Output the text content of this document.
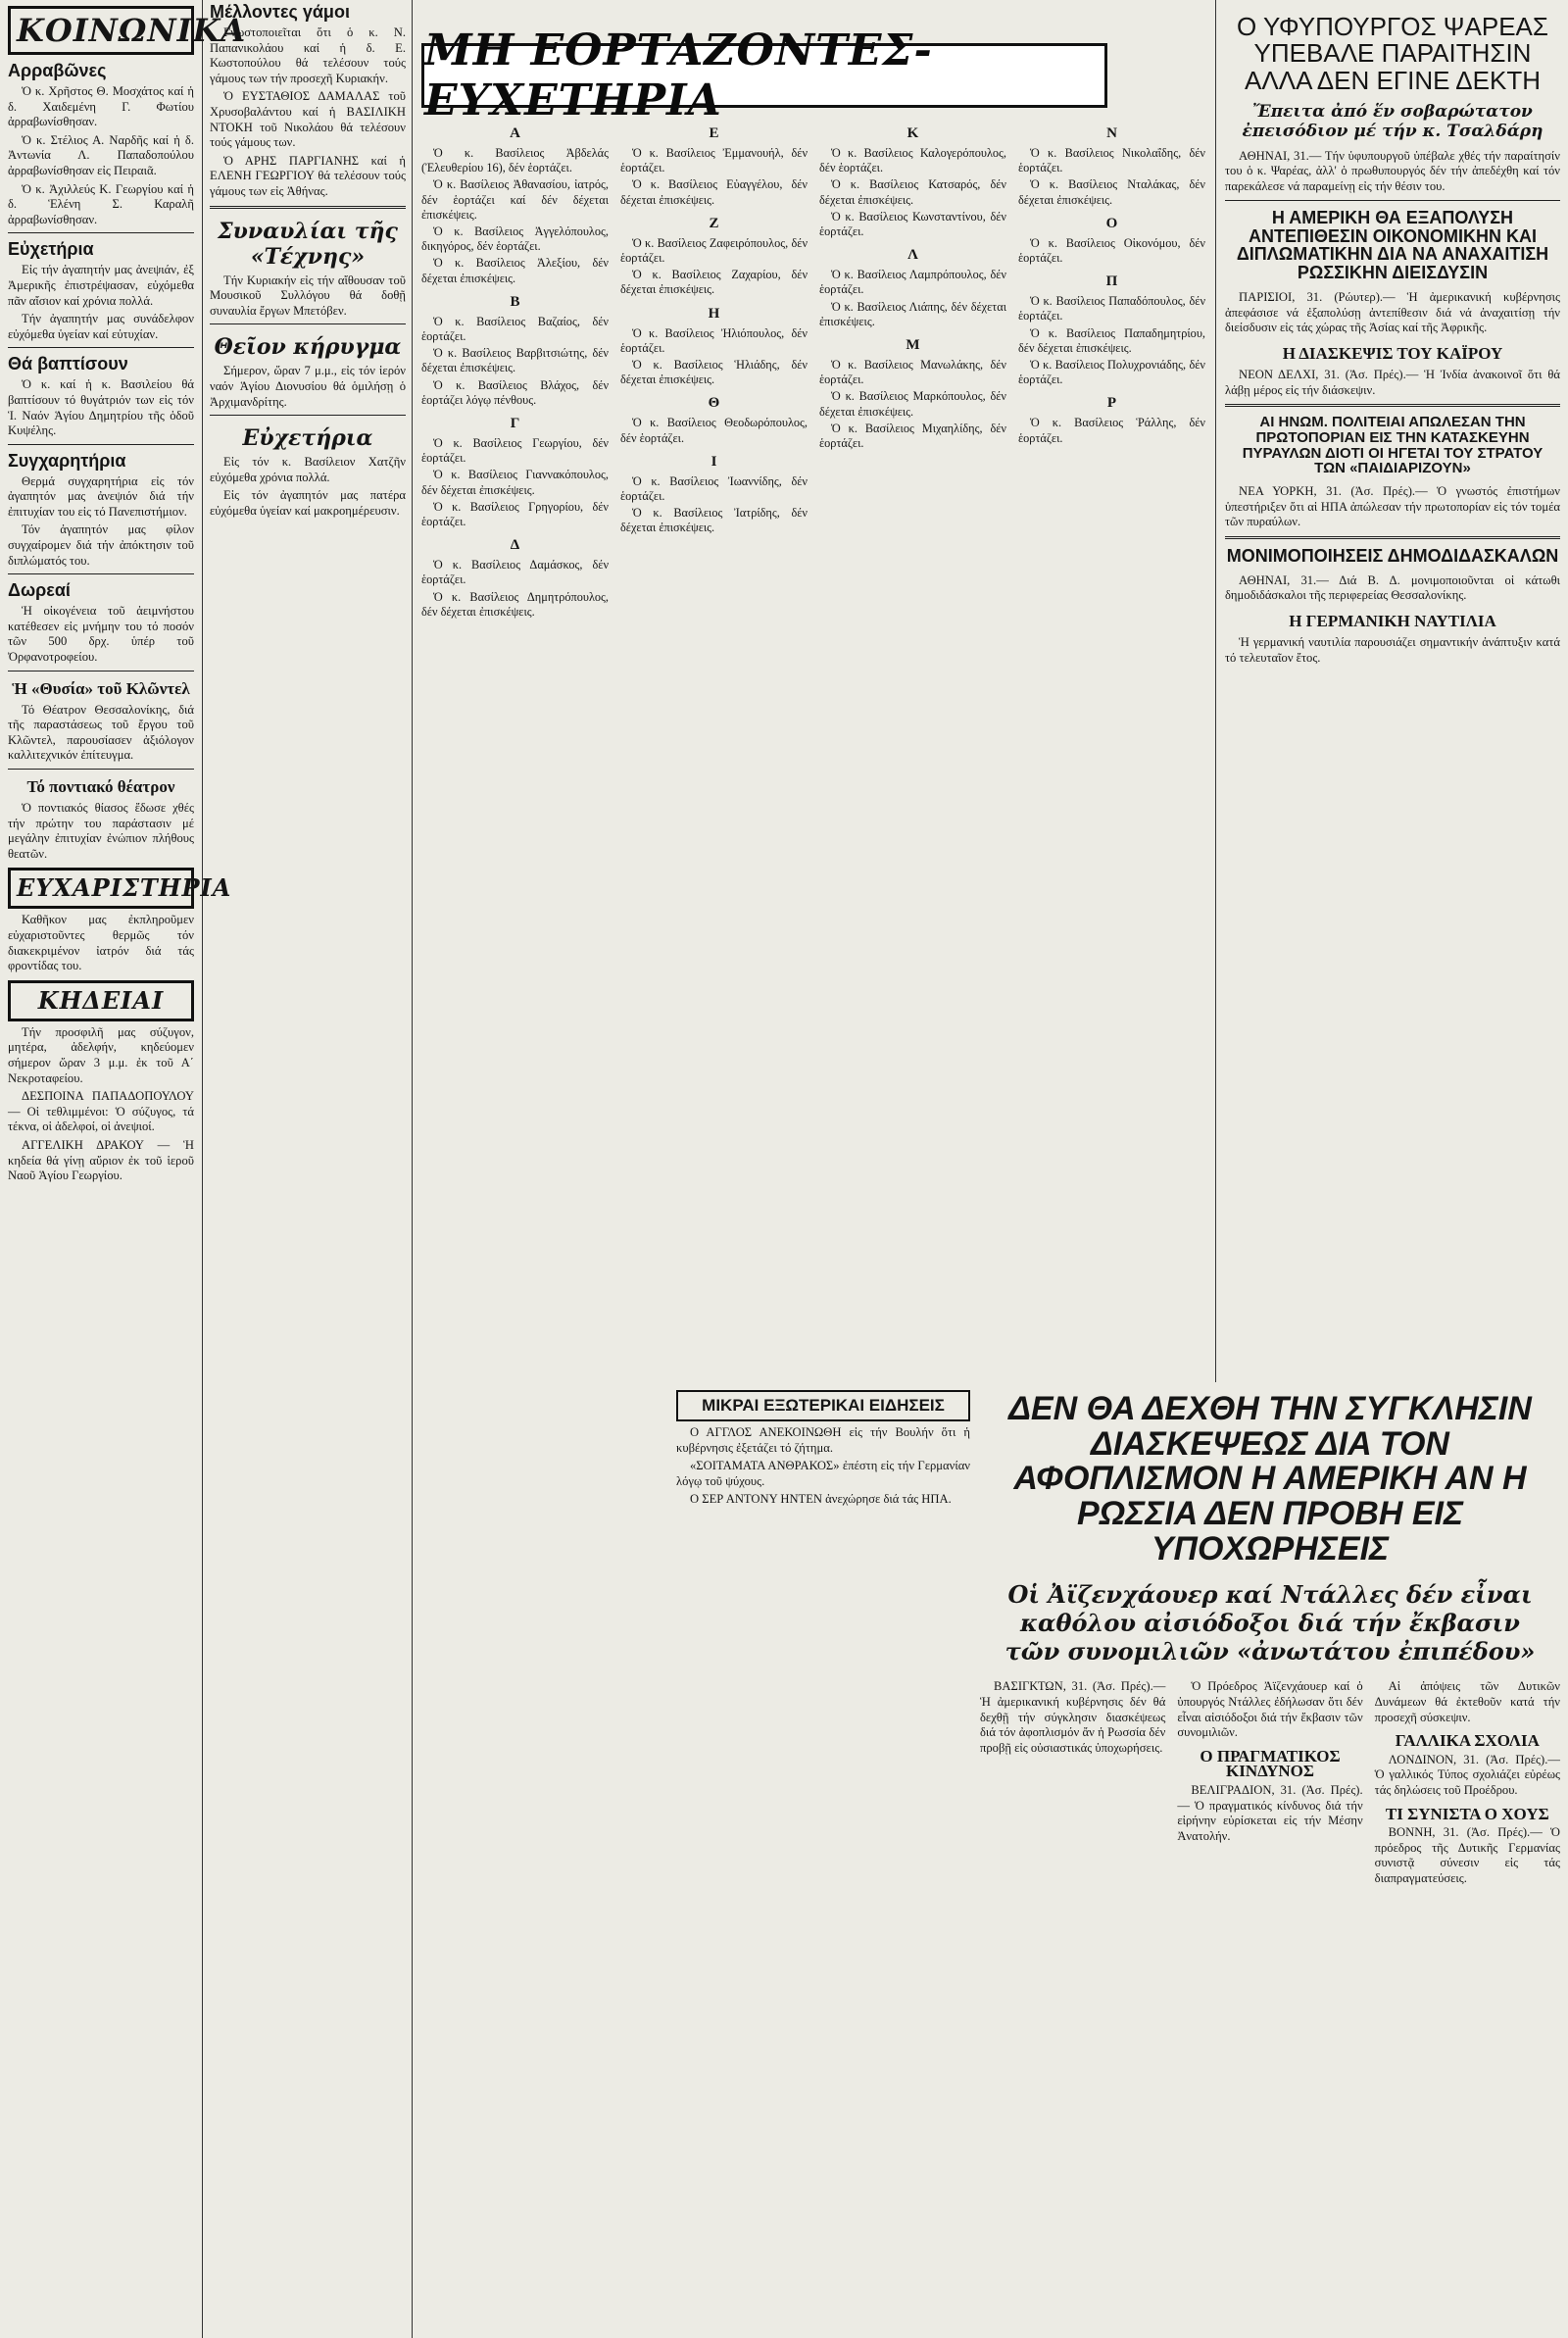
ΚΟΙΝΩΝΙΚΑ
Αρραβῶνες

Ὁ κ. Χρῆστος Θ. Μοσχάτος καί ἡ δ. Χαιδεμένη Γ. Φωτίου ἀρραβωνίσθησαν.

Ὁ κ. Στέλιος Α. Ναρδῆς καί ἡ δ. Ἀντωνία Λ. Παπαδοπούλου ἀρραβωνίσθησαν εἰς Πειραιᾶ.

Ὁ κ. Ἀχιλλεύς Κ. Γεωργίου καί ἡ δ. Ἑλένη Σ. Καραλῆ ἀρραβωνίσθησαν.

Εὐχετήρια

Εἰς τήν ἀγαπητήν μας ἀνεψιάν, ἐξ Ἀμερικῆς ἐπιστρέψασαν, εὐχόμεθα πᾶν αἴσιον καί χρόνια πολλά.

Τήν ἀγαπητήν μας συνάδελφον εὐχόμεθα ὑγείαν καί εὐτυχίαν.

Θά βαπτίσουν

Ὁ κ. καί ἡ κ. Βασιλείου θά βαπτίσουν τό θυγάτριόν των εἰς τόν Ἱ. Ναόν Ἁγίου Δημητρίου τῆς ὁδοῦ Κυψέλης.

Συγχαρητήρια

Θερμά συγχαρητήρια εἰς τόν ἀγαπητόν μας ἀνεψιόν διά τήν ἐπιτυχίαν του εἰς τό Πανεπιστήμιον.

Τόν ἀγαπητόν μας φίλον συγχαίρομεν διά τήν ἀπόκτησιν τοῦ διπλώματός του.

Δωρεαί

Ἡ οἰκογένεια τοῦ ἀειμνήστου κατέθεσεν εἰς μνήμην του τό ποσόν τῶν 500 δρχ. ὑπέρ τοῦ Ὀρφανοτροφείου.

Ἡ «Θυσία» τοῦ Κλῶντελ

Τό Θέατρον Θεσσαλονίκης, διά τῆς παραστάσεως τοῦ ἔργου τοῦ Κλῶντελ, παρουσίασεν ἀξιόλογον καλλιτεχνικόν ἐπίτευγμα.

Τό ποντιακό θέατρον

Ὁ ποντιακός θίασος ἔδωσε χθές τήν πρώτην του παράστασιν μέ μεγάλην ἐπιτυχίαν ἐνώπιον πλήθους θεατῶν.

ΕΥΧΑΡΙΣΤΗΡΙΑ

Καθῆκον μας ἐκπληροῦμεν εὐχαριστοῦντες θερμῶς τόν διακεκριμένον ἰατρόν διά τάς φροντίδας του.

ΚΗΔΕΙΑΙ

Τήν προσφιλῆ μας σύζυγον, μητέρα, ἀδελφήν, κηδεύομεν σήμερον ὥραν 3 μ.μ. ἐκ τοῦ Α΄ Νεκροταφείου.

ΔΕΣΠΟΙΝΑ ΠΑΠΑΔΟΠΟΥΛΟΥ — Οἱ τεθλιμμένοι: Ὁ σύζυγος, τά τέκνα, οἱ ἀδελφοί, οἱ ἀνεψιοί.

ΑΓΓΕΛΙΚΗ ΔΡΑΚΟΥ — Ἡ κηδεία θά γίνῃ αὔριον ἐκ τοῦ ἱεροῦ Ναοῦ Ἁγίου Γεωργίου.

Μέλλοντες γάμοι

Γνωστοποιεῖται ὅτι ὁ κ. Ν. Παπανικολάου καί ἡ δ. Ε. Κωστοπούλου θά τελέσουν τούς γάμους των τήν προσεχῆ Κυριακήν.

Ὁ ΕΥΣΤΑΘΙΟΣ ΔΑΜΑΛΑΣ τοῦ Χρυσοβαλάντου καί ἡ ΒΑΣΙΛΙΚΗ ΝΤΟΚΗ τοῦ Νικολάου θά τελέσουν τούς γάμους των.

Ὁ ΑΡΗΣ ΠΑΡΓΙΑΝΗΣ καί ἡ ΕΛΕΝΗ ΓΕΩΡΓΙΟΥ θά τελέσουν τούς γάμους των εἰς Ἀθήνας.

Συναυλίαι τῆς «Τέχνης»

Τήν Κυριακήν εἰς τήν αἴθουσαν τοῦ Μουσικοῦ Συλλόγου θά δοθῇ συναυλία ἔργων Μπετόβεν.

Θεῖον κήρυγμα

Σήμερον, ὥραν 7 μ.μ., εἰς τόν ἱερόν ναόν Ἁγίου Διονυσίου θά ὁμιλήσῃ ὁ Ἀρχιμανδρίτης.

Εὐχετήρια

Εἰς τόν κ. Βασίλειον Χατζῆν εὐχόμεθα χρόνια πολλά.

Εἰς τόν ἀγαπητόν μας πατέρα εὐχόμεθα ὑγείαν καί μακροημέρευσιν.

ΜΗ ΕΟΡΤΑΖΟΝΤΕΣ-ΕΥΧΕΤΗΡΙΑ
Α

Ὁ κ. Βασίλειος Ἀβδελάς (Ἐλευθερίου 16), δέν ἑορτάζει.

Ὁ κ. Βασίλειος Ἀθανασίου, ἰατρός, δέν ἑορτάζει καί δέν δέχεται ἐπισκέψεις.

Ὁ κ. Βασίλειος Ἀγγελόπουλος, δικηγόρος, δέν ἑορτάζει.

Ὁ κ. Βασίλειος Ἀλεξίου, δέν δέχεται ἐπισκέψεις.

Β

Ὁ κ. Βασίλειος Βαζαίος, δέν ἑορτάζει.

Ὁ κ. Βασίλειος Βαρβιτσιώτης, δέν δέχεται ἐπισκέψεις.

Ὁ κ. Βασίλειος Βλάχος, δέν ἑορτάζει λόγῳ πένθους.

Γ

Ὁ κ. Βασίλειος Γεωργίου, δέν ἑορτάζει.

Ὁ κ. Βασίλειος Γιαννακόπουλος, δέν δέχεται ἐπισκέψεις.

Ὁ κ. Βασίλειος Γρηγορίου, δέν ἑορτάζει.

Δ

Ὁ κ. Βασίλειος Δαμάσκος, δέν ἑορτάζει.

Ὁ κ. Βασίλειος Δημητρόπουλος, δέν δέχεται ἐπισκέψεις.

Ε

Ὁ κ. Βασίλειος Ἐμμανουήλ, δέν ἑορτάζει.

Ὁ κ. Βασίλειος Εὐαγγέλου, δέν δέχεται ἐπισκέψεις.

Ζ

Ὁ κ. Βασίλειος Ζαφειρόπουλος, δέν ἑορτάζει.

Ὁ κ. Βασίλειος Ζαχαρίου, δέν δέχεται ἐπισκέψεις.

Η

Ὁ κ. Βασίλειος Ἠλιόπουλος, δέν ἑορτάζει.

Ὁ κ. Βασίλειος Ἡλιάδης, δέν δέχεται ἐπισκέψεις.

Θ

Ὁ κ. Βασίλειος Θεοδωρόπουλος, δέν ἑορτάζει.

Ι

Ὁ κ. Βασίλειος Ἰωαννίδης, δέν ἑορτάζει.

Ὁ κ. Βασίλειος Ἰατρίδης, δέν δέχεται ἐπισκέψεις.

Κ

Ὁ κ. Βασίλειος Καλογερόπουλος, δέν ἑορτάζει.

Ὁ κ. Βασίλειος Κατσαρός, δέν δέχεται ἐπισκέψεις.

Ὁ κ. Βασίλειος Κωνσταντίνου, δέν ἑορτάζει.

Λ

Ὁ κ. Βασίλειος Λαμπρόπουλος, δέν ἑορτάζει.

Ὁ κ. Βασίλειος Λιάπης, δέν δέχεται ἐπισκέψεις.

Μ

Ὁ κ. Βασίλειος Μανωλάκης, δέν ἑορτάζει.

Ὁ κ. Βασίλειος Μαρκόπουλος, δέν δέχεται ἐπισκέψεις.

Ὁ κ. Βασίλειος Μιχαηλίδης, δέν ἑορτάζει.

Ν

Ὁ κ. Βασίλειος Νικολαΐδης, δέν ἑορτάζει.

Ὁ κ. Βασίλειος Νταλάκας, δέν δέχεται ἐπισκέψεις.

Ο

Ὁ κ. Βασίλειος Οἰκονόμου, δέν ἑορτάζει.

Π

Ὁ κ. Βασίλειος Παπαδόπουλος, δέν ἑορτάζει.

Ὁ κ. Βασίλειος Παπαδημητρίου, δέν δέχεται ἐπισκέψεις.

Ὁ κ. Βασίλειος Πολυχρονιάδης, δέν ἑορτάζει.

Ρ

Ὁ κ. Βασίλειος Ῥάλλης, δέν ἑορτάζει.

ΜΙΚΡΑΙ ΕΞΩΤΕΡΙΚΑΙ ΕΙΔΗΣΕΙΣ

Ο ΑΓΓΛΟΣ ΑΝΕΚΟΙΝΩΘΗ εἰς τήν Βουλήν ὅτι ἡ κυβέρνησις ἐξετάζει τό ζήτημα.

«ΣΟΙΤΑΜΑΤΑ ΑΝΘΡΑΚΟΣ» ἐπέστη εἰς τήν Γερμανίαν λόγῳ τοῦ ψύχους.

Ο ΣΕΡ ΑΝΤΟΝΥ ΗΝΤΕΝ ἀνεχώρησε διά τάς ΗΠΑ.

Ο ΥΦΥΠΟΥΡΓΟΣ ΨΑΡΕΑΣ ΥΠΕΒΑΛΕ ΠΑΡΑΙΤΗΣΙΝ ΑΛΛΑ ΔΕΝ ΕΓΙΝΕ ΔΕΚΤΗ
Ἔπειτα ἀπό ἕν σοβαρώτατον ἐπεισόδιον μέ τήν κ. Τσαλδάρη

ΑΘΗΝΑΙ, 31.— Τήν ὑφυπουργοῦ ὑπέβαλε χθές τήν παραίτησίν του ὁ κ. Ψαρέας, ἀλλ' ὁ πρωθυπουργός δέν τήν ἀπεδέχθη καί τόν παρεκάλεσε νά παραμείνῃ εἰς τήν θέσιν του.

Η ΑΜΕΡΙΚΗ ΘΑ ΕΞΑΠΟΛΥΣΗ ΑΝΤΕΠΙΘΕΣΙΝ ΟΙΚΟΝΟΜΙΚΗΝ ΚΑΙ ΔΙΠΛΩΜΑΤΙΚΗΝ ΔΙΑ ΝΑ ΑΝΑΧΑΙΤΙΣΗ ΡΩΣΣΙΚΗΝ ΔΙΕΙΣΔΥΣΙΝ

ΠΑΡΙΣΙΟΙ, 31. (Ρώυτερ).— Ἡ ἀμερικανική κυβέρνησις ἀπεφάσισε νά ἐξαπολύσῃ ἀντεπίθεσιν διά νά ἀναχαιτίσῃ τήν διείσδυσιν εἰς τάς χώρας τῆς Ἀσίας καί τῆς Ἀφρικῆς.

Η ΔΙΑΣΚΕΨΙΣ ΤΟΥ ΚΑΪΡΟΥ

ΝΕΟΝ ΔΕΛΧΙ, 31. (Ἀσ. Πρές).— Ἡ Ἰνδία ἀνακοινοῖ ὅτι θά λάβῃ μέρος εἰς τήν διάσκεψιν.

ΑΙ ΗΝΩΜ. ΠΟΛΙΤΕΙΑΙ ΑΠΩΛΕΣΑΝ ΤΗΝ ΠΡΩΤΟΠΟΡΙΑΝ ΕΙΣ ΤΗΝ ΚΑΤΑΣΚΕΥΗΝ ΠΥΡΑΥΛΩΝ ΔΙΟΤΙ ΟΙ ΗΓΕΤΑΙ ΤΟΥ ΣΤΡΑΤΟΥ ΤΩΝ «ΠΑΙΔΙΑΡΙΖΟΥΝ»

ΝΕΑ ΥΟΡΚΗ, 31. (Ἀσ. Πρές).— Ὁ γνωστός ἐπιστήμων ὑπεστήριξεν ὅτι αἱ ΗΠΑ ἀπώλεσαν τήν πρωτοπορίαν εἰς τόν τομέα τῶν πυραύλων.

ΜΟΝΙΜΟΠΟΙΗΣΕΙΣ ΔΗΜΟΔΙΔΑΣΚΑΛΩΝ

ΑΘΗΝΑΙ, 31.— Διά Β. Δ. μονιμοποιοῦνται οἱ κάτωθι δημοδιδάσκαλοι τῆς περιφερείας Θεσσαλονίκης.

Η ΓΕΡΜΑΝΙΚΗ ΝΑΥΤΙΛΙΑ

Ἡ γερμανική ναυτιλία παρουσιάζει σημαντικήν ἀνάπτυξιν κατά τό τελευταῖον ἔτος.

ΔΕΝ ΘΑ ΔΕΧΘΗ ΤΗΝ ΣΥΓΚΛΗΣΙΝ ΔΙΑΣΚΕΨΕΩΣ ΔΙΑ ΤΟΝ ΑΦΟΠΛΙΣΜΟΝ Η ΑΜΕΡΙΚΗ ΑΝ Η ΡΩΣΣΙΑ ΔΕΝ ΠΡΟΒΗ ΕΙΣ ΥΠΟΧΩΡΗΣΕΙΣ
Οἱ Ἀϊζενχάουερ καί Ντάλλες δέν εἶναι καθόλου αἰσιόδοξοι διά τήν ἔκβασιν τῶν συνομιλιῶν «ἀνωτάτου ἐπιπέδου»

ΒΑΣΙΓΚΤΩΝ, 31. (Ἀσ. Πρές).— Ἡ ἀμερικανική κυβέρνησις δέν θά δεχθῇ τήν σύγκλησιν διασκέψεως διά τόν ἀφοπλισμόν ἄν ἡ Ρωσσία δέν προβῇ εἰς οὐσιαστικάς ὑποχωρήσεις.

Ὁ Πρόεδρος Ἀϊζενχάουερ καί ὁ ὑπουργός Ντάλλες ἐδήλωσαν ὅτι δέν εἶναι αἰσιόδοξοι διά τήν ἔκβασιν τῶν συνομιλιῶν.

Ο ΠΡΑΓΜΑΤΙΚΟΣ ΚΙΝΔΥΝΟΣ

ΒΕΛΙΓΡΑΔΙΟΝ, 31. (Ἀσ. Πρές).— Ὁ πραγματικός κίνδυνος διά τήν εἰρήνην εὑρίσκεται εἰς τήν Μέσην Ἀνατολήν.

Αἱ ἀπόψεις τῶν Δυτικῶν Δυνάμεων θά ἐκτεθοῦν κατά τήν προσεχῆ σύσκεψιν.

ΓΑΛΛΙΚΑ ΣΧΟΛΙΑ

ΛΟΝΔΙΝΟΝ, 31. (Ἀσ. Πρές).— Ὁ γαλλικός Τύπος σχολιάζει εὐρέως τάς δηλώσεις τοῦ Προέδρου.

ΤΙ ΣΥΝΙΣΤΑ Ο ΧΟΥΣ

ΒΟΝΝΗ, 31. (Ἀσ. Πρές).— Ὁ πρόεδρος τῆς Δυτικῆς Γερμανίας συνιστᾷ σύνεσιν εἰς τάς διαπραγματεύσεις.
